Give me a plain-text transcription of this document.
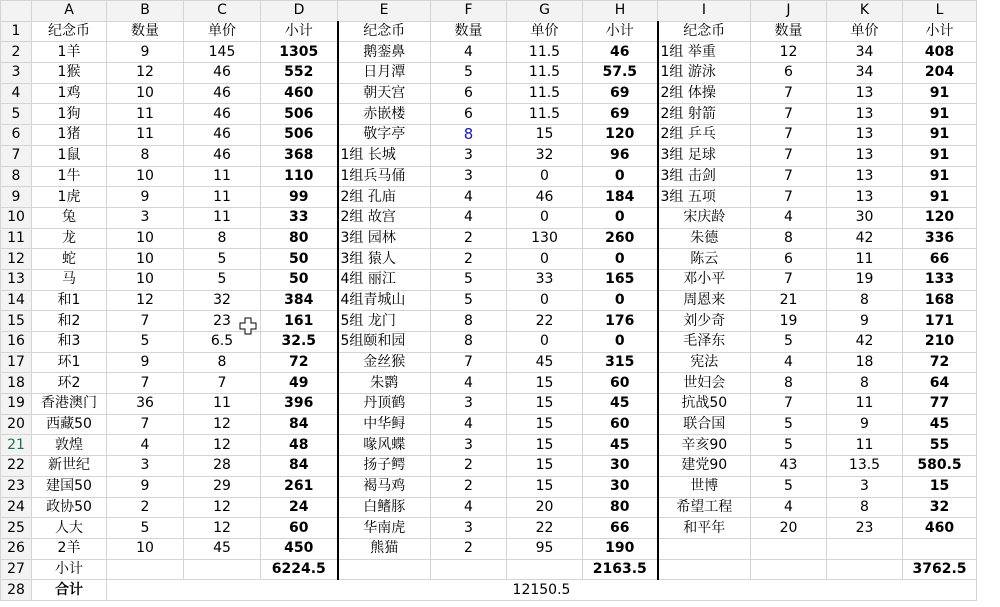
	A	B	C	D	E	F	G	H	I	J	K	L
1	纪念币	数量	单价	小计	纪念币	数量	单价	小计	纪念币	数量	单价	小计
2	1羊	9	145	1305	鹅銮鼻	4	11.5	46	1组 举重	12	34	408
3	1猴	12	46	552	日月潭	5	11.5	57.5	1组 游泳	6	34	204
4	1鸡	10	46	460	朝天宫	6	11.5	69	2组 体操	7	13	91
5	1狗	11	46	506	赤嵌楼	6	11.5	69	2组 射箭	7	13	91
6	1猪	11	46	506	敬字亭	8	15	120	2组 乒乓	7	13	91
7	1鼠	8	46	368	1组 长城	3	32	96	3组 足球	7	13	91
8	1牛	10	11	110	1组兵马俑	3	0	0	3组 击剑	7	13	91
9	1虎	9	11	99	2组 孔庙	4	46	184	3组 五项	7	13	91
10	兔	3	11	33	2组 故宫	4	0	0	宋庆龄	4	30	120
11	龙	10	8	80	3组 园林	2	130	260	朱德	8	42	336
12	蛇	10	5	50	3组 猿人	2	0	0	陈云	6	11	66
13	马	10	5	50	4组 丽江	5	33	165	邓小平	7	19	133
14	和1	12	32	384	4组青城山	5	0	0	周恩来	21	8	168
15	和2	7	23	161	5组 龙门	8	22	176	刘少奇	19	9	171
16	和3	5	6.5	32.5	5组颐和园	8	0	0	毛泽东	5	42	210
17	环1	9	8	72	金丝猴	7	45	315	宪法	4	18	72
18	环2	7	7	49	朱鹮	4	15	60	世妇会	8	8	64
19	香港澳门	36	11	396	丹顶鹤	3	15	45	抗战50	7	11	77
20	西藏50	7	12	84	中华鲟	4	15	60	联合国	5	9	45
21	敦煌	4	12	48	喙风蝶	3	15	45	辛亥90	5	11	55
22	新世纪	3	28	84	扬子鳄	2	15	30	建党90	43	13.5	580.5
23	建国50	9	29	261	褐马鸡	2	15	30	世博	5	3	15
24	政协50	2	12	24	白鳍豚	4	20	80	希望工程	4	8	32
25	人大	5	12	60	华南虎	3	22	66	和平年	20	23	460
26	2羊	10	45	450	熊猫	2	95	190				
27	小计			6224.5				2163.5				3762.5
28	合计	12150.5										
